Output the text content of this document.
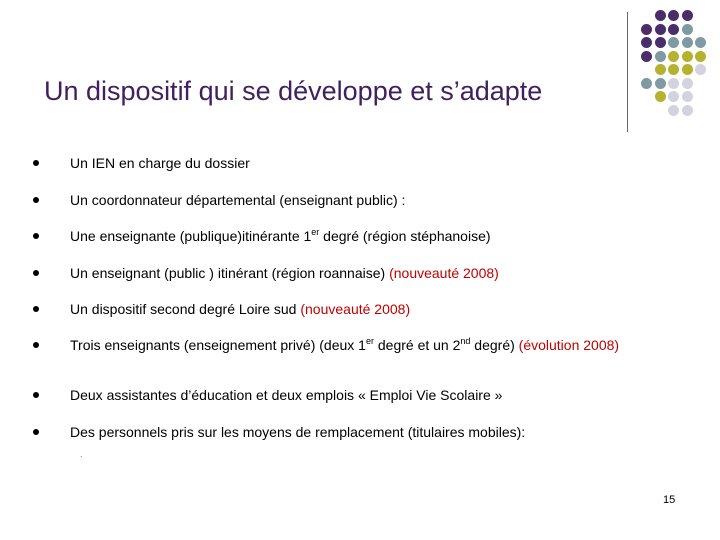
Un dispositif qui se développe et s’adapte
Un IEN en charge du dossier
Un coordonnateur départemental (enseignant public) :
Une enseignante (publique)itinérante 1er degré (région stéphanoise)
Un enseignant (public ) itinérant (région roannaise) (nouveauté 2008)
Un dispositif second degré Loire sud (nouveauté 2008)
Trois enseignants (enseignement privé) (deux 1er degré et un 2nd degré) (évolution 2008)
Deux assistantes d’éducation et deux emplois « Emploi Vie Scolaire »
Des personnels pris sur les moyens de remplacement (titulaires mobiles):
.
15
